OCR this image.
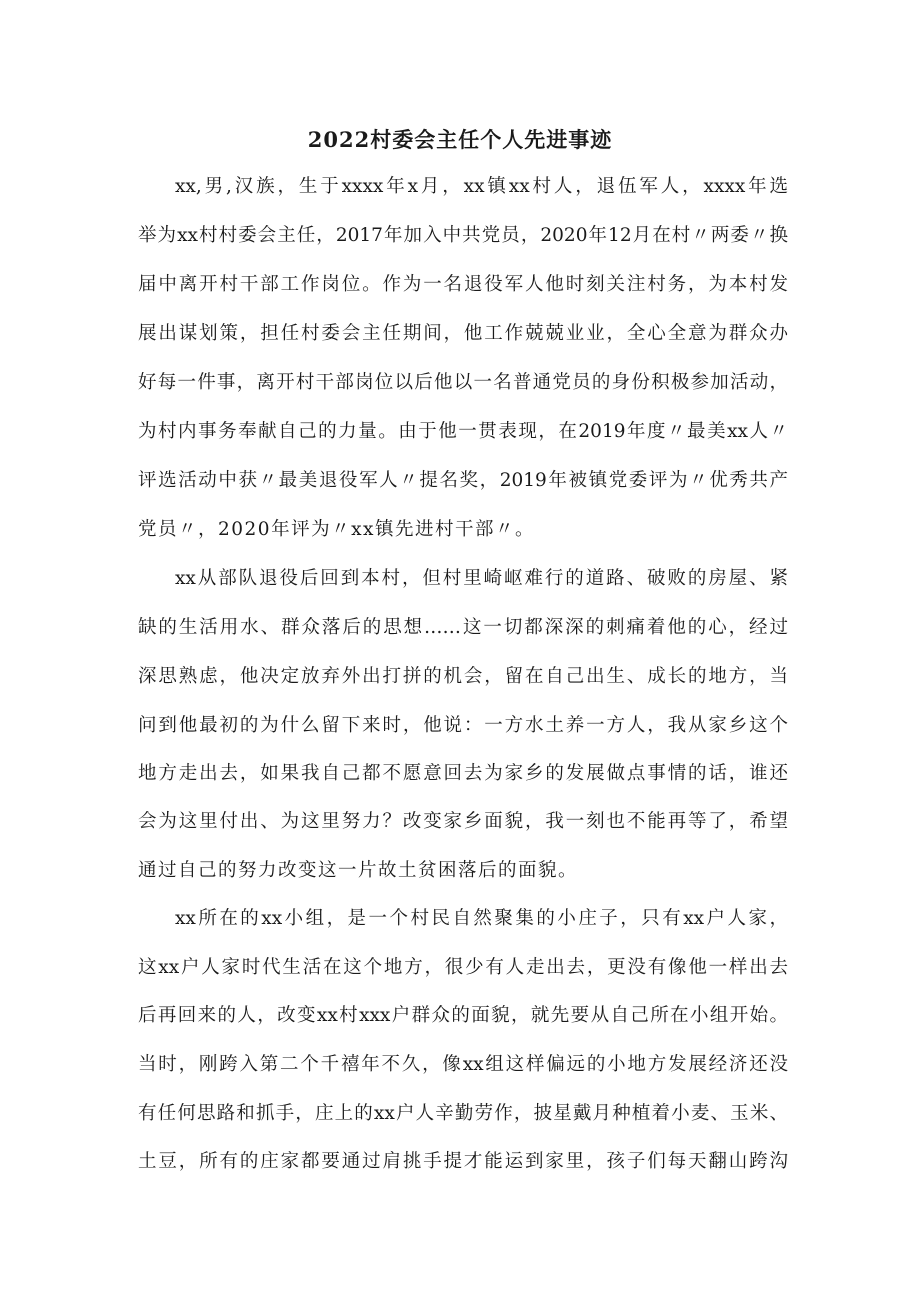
2022村委会主任个人先进事迹
xx,男,汉族，生于xxxx年x月，xx镇xx村人，退伍军人，xxxx年选
举为xx村村委会主任，2017年加入中共党员，2020年12月在村〃两委〃换
届中离开村干部工作岗位。作为一名退役军人他时刻关注村务，为本村发
展出谋划策，担任村委会主任期间，他工作兢兢业业，全心全意为群众办
好每一件事，离开村干部岗位以后他以一名普通党员的身份积极参加活动，
为村内事务奉献自己的力量。由于他一贯表现，在2019年度〃最美xx人〃
评选活动中获〃最美退役军人〃提名奖，2019年被镇党委评为〃优秀共产
党员〃，2020年评为〃xx镇先进村干部〃。
xx从部队退役后回到本村，但村里崎岖难行的道路、破败的房屋、紧
缺的生活用水、群众落后的思想……这一切都深深的刺痛着他的心，经过
深思熟虑，他决定放弃外出打拼的机会，留在自己出生、成长的地方，当
问到他最初的为什么留下来时，他说：一方水土养一方人，我从家乡这个
地方走出去，如果我自己都不愿意回去为家乡的发展做点事情的话，谁还
会为这里付出、为这里努力？改变家乡面貌，我一刻也不能再等了，希望
通过自己的努力改变这一片故土贫困落后的面貌。
xx所在的xx小组，是一个村民自然聚集的小庄子，只有xx户人家，
这xx户人家时代生活在这个地方，很少有人走出去，更没有像他一样出去
后再回来的人，改变xx村xxx户群众的面貌，就先要从自己所在小组开始。
当时，刚跨入第二个千禧年不久，像xx组这样偏远的小地方发展经济还没
有任何思路和抓手，庄上的xx户人辛勤劳作，披星戴月种植着小麦、玉米、
土豆，所有的庄家都要通过肩挑手提才能运到家里，孩子们每天翻山跨沟
